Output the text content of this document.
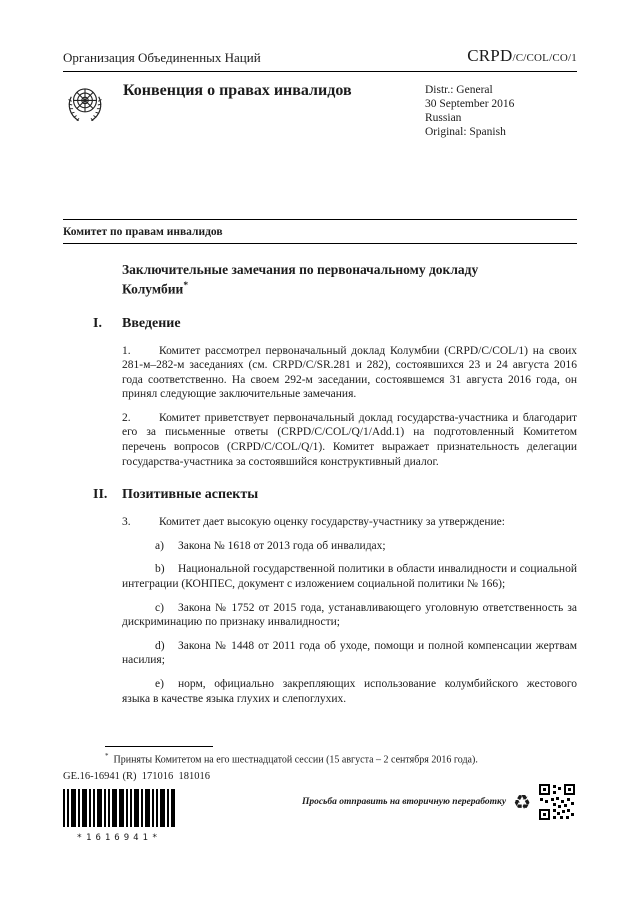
Организация Объединенных Наций	CRPD/C/COL/CO/1
Конвенция о правах инвалидов	Distr.: General
30 September 2016
Russian
Original: Spanish
Комитет по правам инвалидов
Заключительные замечания по первоначальному докладу Колумбии*
I.	Введение

1. Комитет рассмотрел первоначальный доклад Колумбии (CRPD/C/COL/1) на своих 281-м–282-м заседаниях (см. CRPD/C/SR.281 и 282), состоявшихся 23 и 24 августа 2016 года соответственно. На своем 292-м заседании, состоявшемся 31 августа 2016 года, он принял следующие заключительные замечания.

2. Комитет приветствует первоначальный доклад государства-участника и благодарит его за письменные ответы (CRPD/C/COL/Q/1/Add.1) на подготовленный Комитетом перечень вопросов (CRPD/C/COL/Q/1). Комитет выражает признательность делегации государства-участника за состоявшийся конструктивный диалог.

II.	Позитивные аспекты

3. Комитет дает высокую оценку государству-участнику за утверждение:

a) Закона № 1618 от 2013 года об инвалидах;

b) Национальной государственной политики в области инвалидности и социальной интеграции (КОНПЕС, документ с изложением социальной политики № 166);

c) Закона № 1752 от 2015 года, устанавливающего уголовную ответственность за дискриминацию по признаку инвалидности;

d) Закона № 1448 от 2011 года об уходе, помощи и полной компенсации жертвам насилия;

e) норм, официально закрепляющих использование колумбийского жестового языка в качестве языка глухих и слепоглухих.

* Приняты Комитетом на его шестнадцатой сессии (15 августа – 2 сентября 2016 года).
GE.16-16941 (R)  171016  181016
*1616941*
Просьба отправить на вторичную переработку ♻
